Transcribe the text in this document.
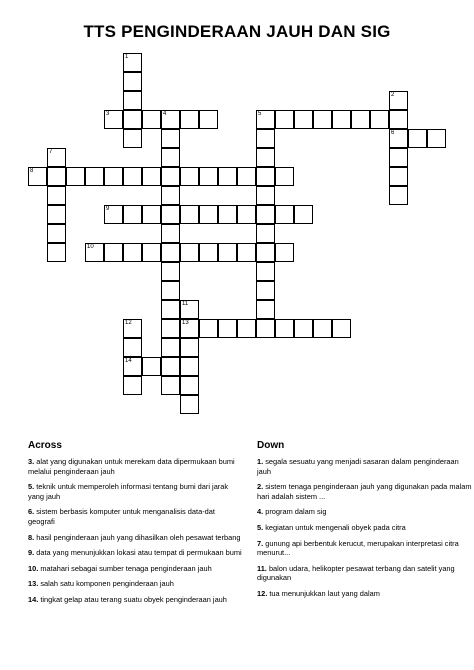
TTS PENGINDERAAN JAUH DAN SIG
1
2
6
3	4	5
7
8
9
10
11
13
12
14
Across
3. alat yang digunakan untuk merekam data dipermukaan bumi melalui penginderaan jauh
5. teknik untuk memperoleh informasi tentang bumi dari jarak yang jauh
6. sistem berbasis komputer untuk menganalisis data-dat geografi
8. hasil penginderaan jauh yang dihasilkan oleh pesawat terbang
9. data yang menunjukkan lokasi atau tempat di permukaan bumi
10. matahari sebagai sumber tenaga penginderaan jauh
13. salah satu komponen penginderaan jauh
14. tingkat gelap atau terang suatu obyek penginderaan jauh
Down
1. segala sesuatu yang menjadi sasaran dalam penginderaan jauh
2. sistem tenaga penginderaan jauh yang digunakan pada malam hari adalah sistem ...
4. program dalam sig
5. kegiatan untuk mengenali obyek pada citra
7. gunung api berbentuk kerucut, merupakan interpretasi citra menurut...
11. balon udara, helikopter pesawat terbang dan satelit yang digunakan
12. tua menunjukkan laut yang dalam
